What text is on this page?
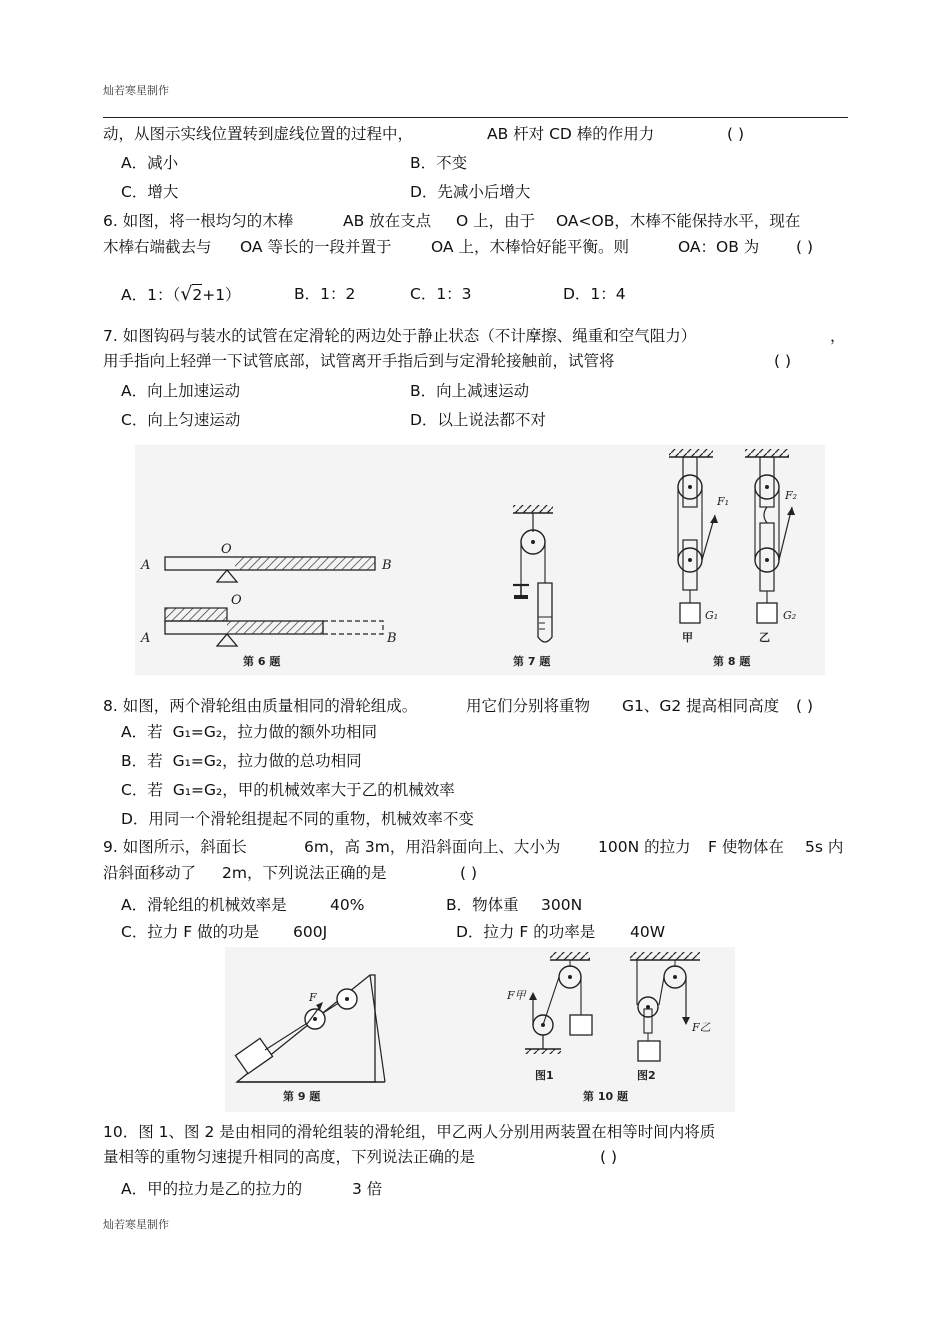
灿若寒星制作
动，从图示实线位置转到虚线位置的过程中，	AB 杆对 CD 棒的作用力	( )
A．减小	B．不变
C．增大	D．先减小后增大
6. 如图，将一根均匀的木棒	AB 放在支点 O 上，由于 OA<OB，木棒不能保持水平，现在
木棒右端截去与 OA 等长的一段并置于	OA 上，木棒恰好能平衡。则	OA：OB 为 ( )
A．1：（√2+1）	B．1：2	C．1：3	D．1：4
7. 如图钩码与装水的试管在定滑轮的两边处于静止状态（不计摩擦、绳重和空气阻力）	，
用手指向上轻弹一下试管底部，试管离开手指后到与定滑轮接触前，试管将	( )
A．向上加速运动	B．向上减速运动
C．向上匀速运动	D．以上说法都不对
A	B
O
A	B
O
第 6 题	第 7 题
F₁
G₁
甲
F₂
G₂
乙
第 8 题
8. 如图，两个滑轮组由质量相同的滑轮组成。	用它们分别将重物 G1、G2 提高相同高度 ( )
A．若 G₁=G₂，拉力做的额外功相同
B．若 G₁=G₂，拉力做的总功相同
C．若 G₁=G₂，甲的机械效率大于乙的机械效率
D．用同一个滑轮组提起不同的重物，机械效率不变
9. 如图所示，斜面长	6m，高 3m，用沿斜面向上、大小为 100N 的拉力 F 使物体在 5s 内
沿斜面移动了 2m，下列说法正确的是	( )
A．滑轮组的机械效率是	40%	B．物体重 300N
C．拉力 F 做的功是 600J	D．拉力 F 的功率是 40W
F
第 9 题
F甲
图1
F乙
图2
第 10 题
10．图 1、图 2 是由相同的滑轮组装的滑轮组，甲乙两人分别用两装置在相等时间内将质
量相等的重物匀速提升相同的高度，下列说法正确的是	( )
A．甲的拉力是乙的拉力的	3 倍
灿若寒星制作
